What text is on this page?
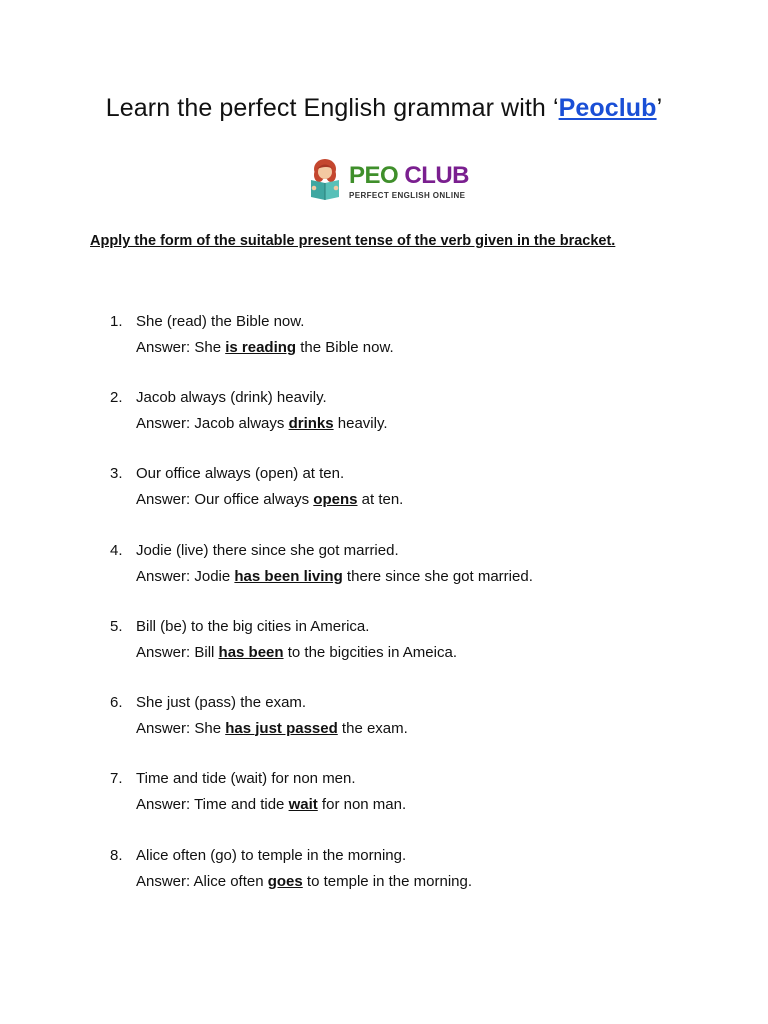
Learn the perfect English grammar with ‘Peoclub’
PEO CLUB
PERFECT ENGLISH ONLINE
Apply the form of the suitable present tense of the verb given in the bracket.
1. She (read) the Bible now.
Answer: She is reading the Bible now.
2. Jacob always (drink) heavily.
Answer: Jacob always drinks heavily.
3. Our office always (open) at ten.
Answer: Our office always opens at ten.
4. Jodie (live) there since she got married.
Answer: Jodie has been living there since she got married.
5. Bill (be) to the big cities in America.
Answer: Bill has been to the bigcities in Ameica.
6. She just (pass) the exam.
Answer: She has just passed the exam.
7. Time and tide (wait) for non men.
Answer: Time and tide wait for non man.
8. Alice often (go) to temple in the morning.
Answer: Alice often goes to temple in the morning.
